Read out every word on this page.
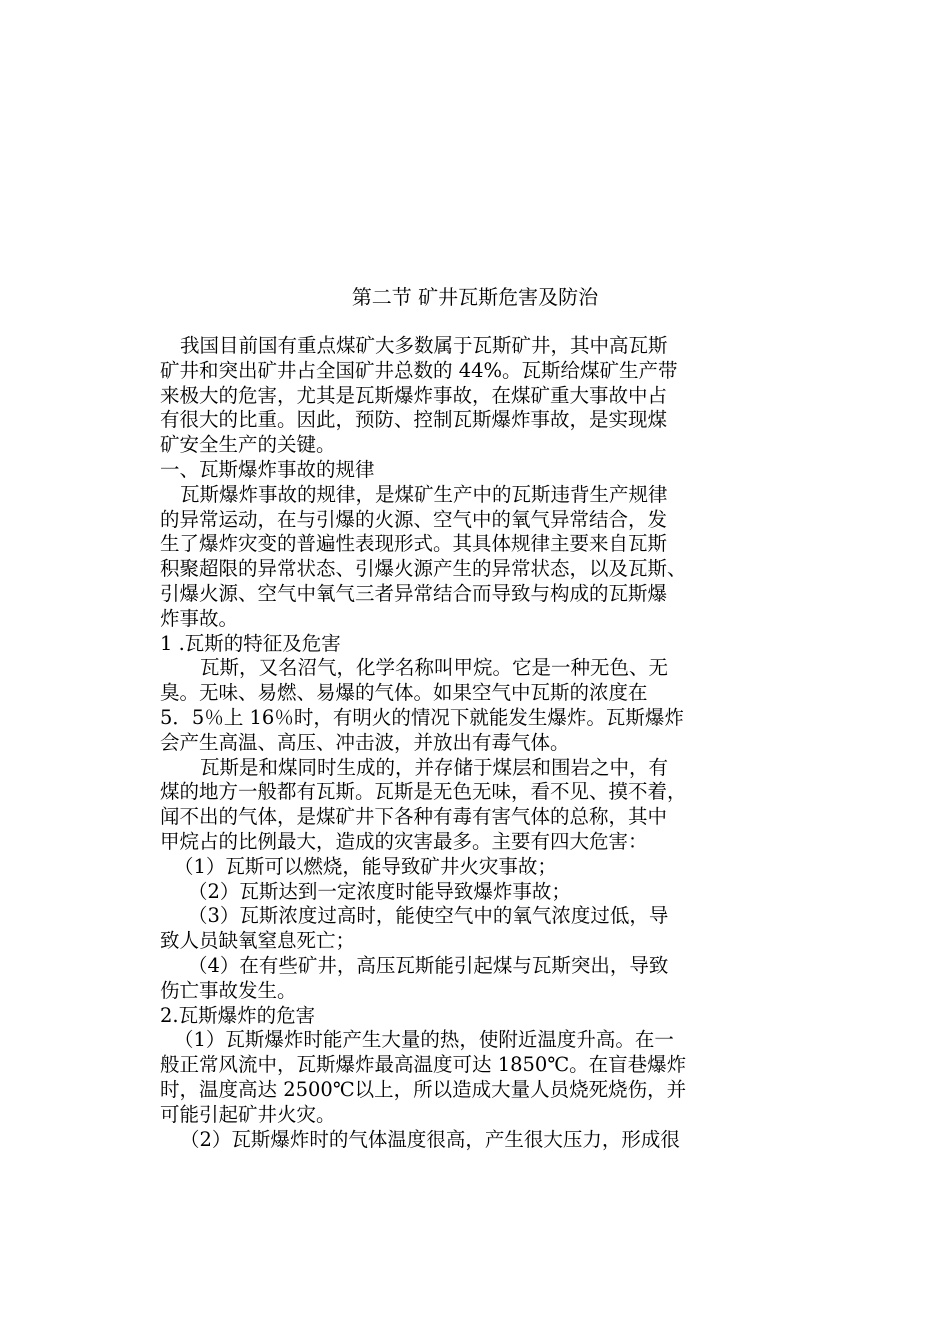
第二节 矿井瓦斯危害及防治
我国目前国有重点煤矿大多数属于瓦斯矿井，其中高瓦斯
矿井和突出矿井占全国矿井总数的 44%。瓦斯给煤矿生产带
来极大的危害，尤其是瓦斯爆炸事故，在煤矿重大事故中占
有很大的比重。因此，预防、控制瓦斯爆炸事故，是实现煤
矿安全生产的关键。
一、瓦斯爆炸事故的规律
瓦斯爆炸事故的规律，是煤矿生产中的瓦斯违背生产规律
的异常运动，在与引爆的火源、空气中的氧气异常结合，发
生了爆炸灾变的普遍性表现形式。其具体规律主要来自瓦斯
积聚超限的异常状态、引爆火源产生的异常状态，以及瓦斯、
引爆火源、空气中氧气三者异常结合而导致与构成的瓦斯爆
炸事故。
1 .瓦斯的特征及危害
瓦斯，又名沼气，化学名称叫甲烷。它是一种无色、无
臭。无味、易燃、易爆的气体。如果空气中瓦斯的浓度在
5．5％上 16％时，有明火的情况下就能发生爆炸。瓦斯爆炸
会产生高温、高压、冲击波，并放出有毒气体。
瓦斯是和煤同时生成的，并存储于煤层和围岩之中，有
煤的地方一般都有瓦斯。瓦斯是无色无味，看不见、摸不着，
闻不出的气体，是煤矿井下各种有毒有害气体的总称，其中
甲烷占的比例最大，造成的灾害最多。主要有四大危害：
（1）瓦斯可以燃烧，能导致矿井火灾事故；
（2）瓦斯达到一定浓度时能导致爆炸事故；
（3）瓦斯浓度过高时，能使空气中的氧气浓度过低，导
致人员缺氧窒息死亡；
（4）在有些矿井，高压瓦斯能引起煤与瓦斯突出，导致
伤亡事故发生。
2.瓦斯爆炸的危害
（1）瓦斯爆炸时能产生大量的热，使附近温度升高。在一
般正常风流中，瓦斯爆炸最高温度可达 1850℃。在盲巷爆炸
时，温度高达 2500℃以上，所以造成大量人员烧死烧伤，并
可能引起矿井火灾。
（2）瓦斯爆炸时的气体温度很高，产生很大压力，形成很
